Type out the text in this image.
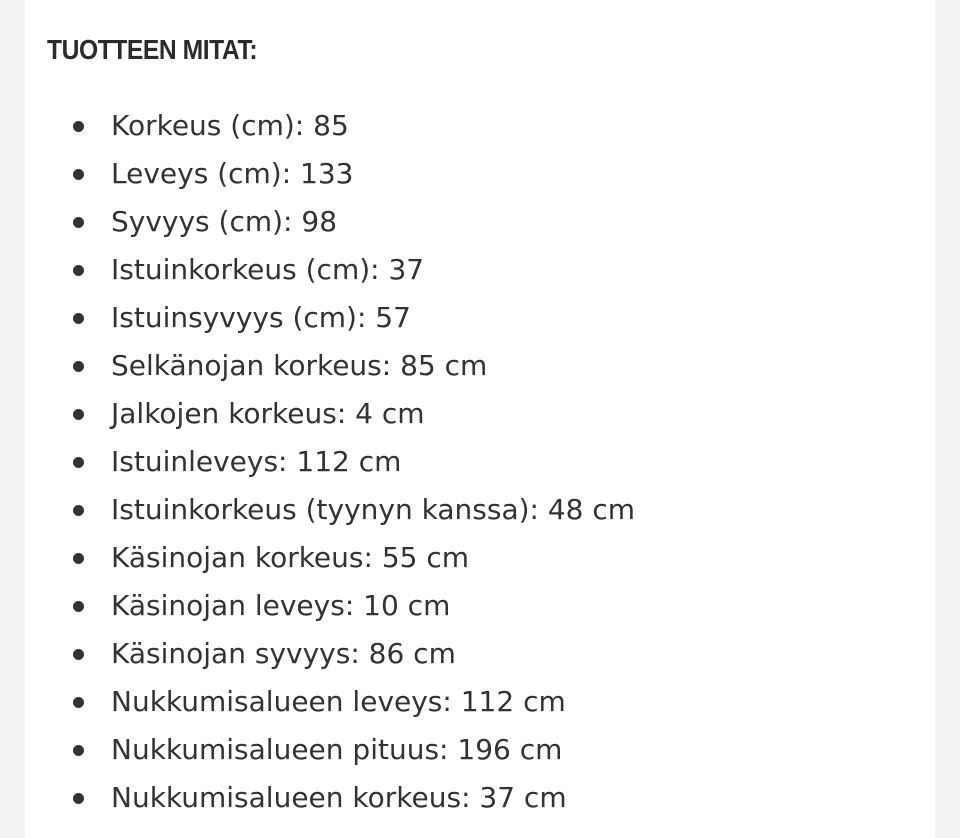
TUOTTEEN MITAT:
Korkeus (cm): 85
Leveys (cm): 133
Syvyys (cm): 98
Istuinkorkeus (cm): 37
Istuinsyvyys (cm): 57
Selkänojan korkeus: 85 cm
Jalkojen korkeus: 4 cm
Istuinleveys: 112 cm
Istuinkorkeus (tyynyn kanssa): 48 cm
Käsinojan korkeus: 55 cm
Käsinojan leveys: 10 cm
Käsinojan syvyys: 86 cm
Nukkumisalueen leveys: 112 cm
Nukkumisalueen pituus: 196 cm
Nukkumisalueen korkeus: 37 cm
